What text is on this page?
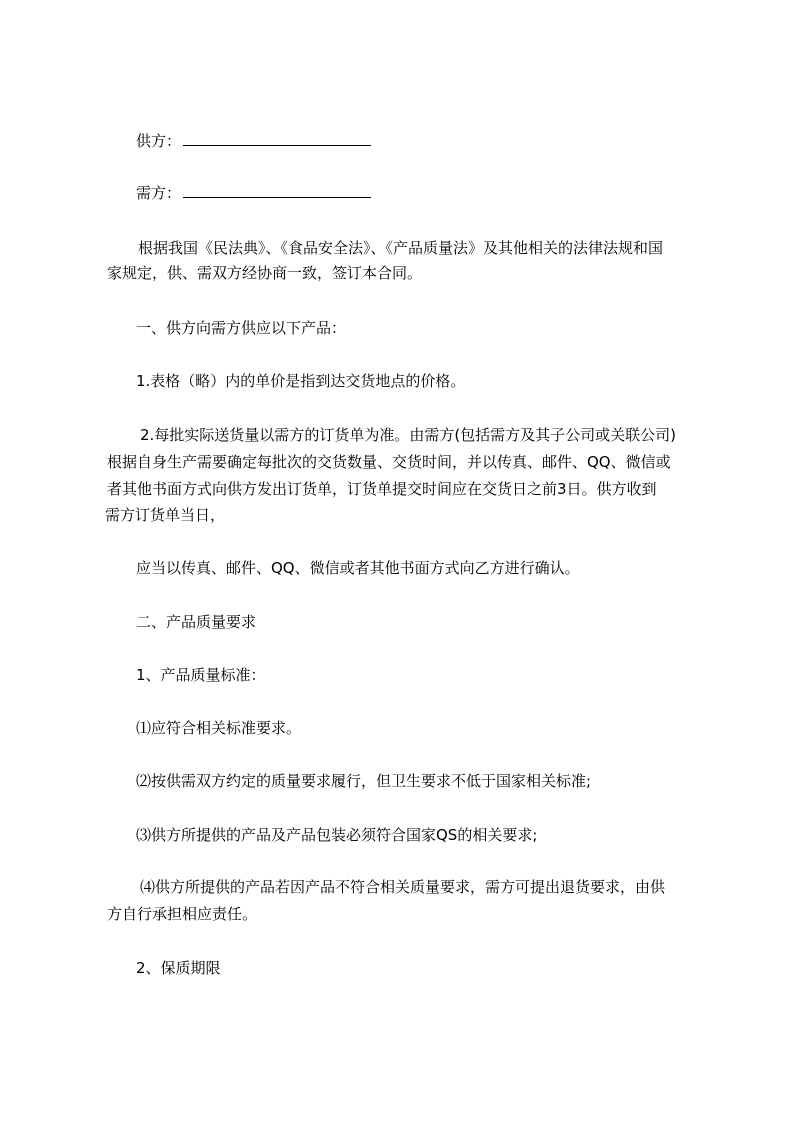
供方：

需方：

根据我国《民法典》、《食品安全法》、《产品质量法》及其他相关的法律法规和国

家规定，供、需双方经协商一致，签订本合同。

一、供方向需方供应以下产品：

1.表格（略）内的单价是指到达交货地点的价格。

2.每批实际送货量以需方的订货单为准。由需方(包括需方及其子公司或关联公司)

根据自身生产需要确定每批次的交货数量、交货时间，并以传真、邮件、QQ、微信或

者其他书面方式向供方发出订货单，订货单提交时间应在交货日之前3日。供方收到

需方订货单当日，

应当以传真、邮件、QQ、微信或者其他书面方式向乙方进行确认。

二、产品质量要求

1、产品质量标准：

⑴应符合相关标准要求。

⑵按供需双方约定的质量要求履行，但卫生要求不低于国家相关标准;

⑶供方所提供的产品及产品包装必须符合国家QS的相关要求;

⑷供方所提供的产品若因产品不符合相关质量要求，需方可提出退货要求，由供

方自行承担相应责任。

2、保质期限
